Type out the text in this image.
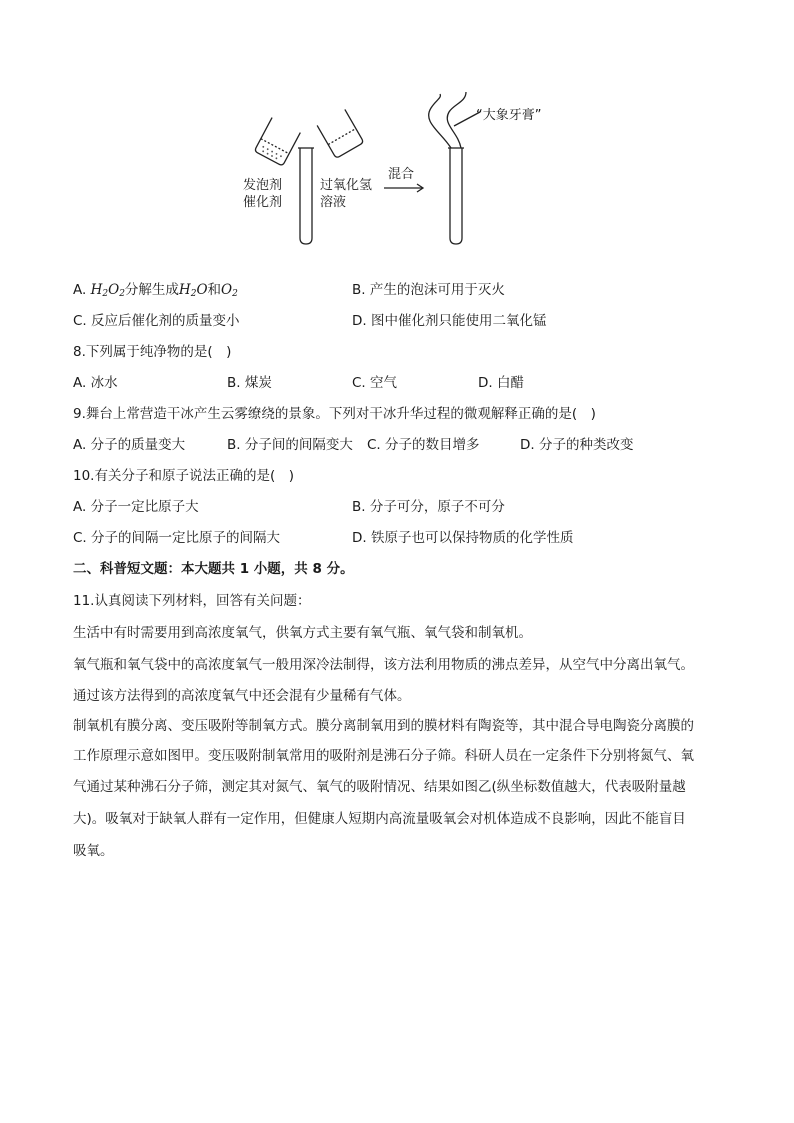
发泡剂
催化剂
过氧化氢
溶液
混合
“大象牙膏”
A. $H_2O_2$分解生成$H_2O$和$O_2$	B. 产生的泡沫可用于灭火
C. 反应后催化剂的质量变小	D. 图中催化剂只能使用二氧化锰
8.下列属于纯净物的是(　)
A. 冰水	B. 煤炭	C. 空气	D. 白醋
9.舞台上常营造干冰产生云雾缭绕的景象。下列对干冰升华过程的微观解释正确的是(　)
A. 分子的质量变大	B. 分子间的间隔变大 C. 分子的数目增多	D. 分子的种类改变
10.有关分子和原子说法正确的是(　)
A. 分子一定比原子大	B. 分子可分，原子不可分
C. 分子的间隔一定比原子的间隔大	D. 铁原子也可以保持物质的化学性质
二、科普短文题：本大题共 1 小题，共 8 分。
11.认真阅读下列材料，回答有关问题：
生活中有时需要用到高浓度氧气，供氧方式主要有氧气瓶、氧气袋和制氧机。
氧气瓶和氧气袋中的高浓度氧气一般用深冷法制得，该方法利用物质的沸点差异，从空气中分离出氧气。
通过该方法得到的高浓度氧气中还会混有少量稀有气体。
制氧机有膜分离、变压吸附等制氧方式。膜分离制氧用到的膜材料有陶瓷等，其中混合导电陶瓷分离膜的
工作原理示意如图甲。变压吸附制氧常用的吸附剂是沸石分子筛。科研人员在一定条件下分别将氮气、氧
气通过某种沸石分子筛，测定其对氮气、氧气的吸附情况、结果如图乙(纵坐标数值越大，代表吸附量越
大)。吸氧对于缺氧人群有一定作用，但健康人短期内高流量吸氧会对机体造成不良影响，因此不能盲目
吸氧。
